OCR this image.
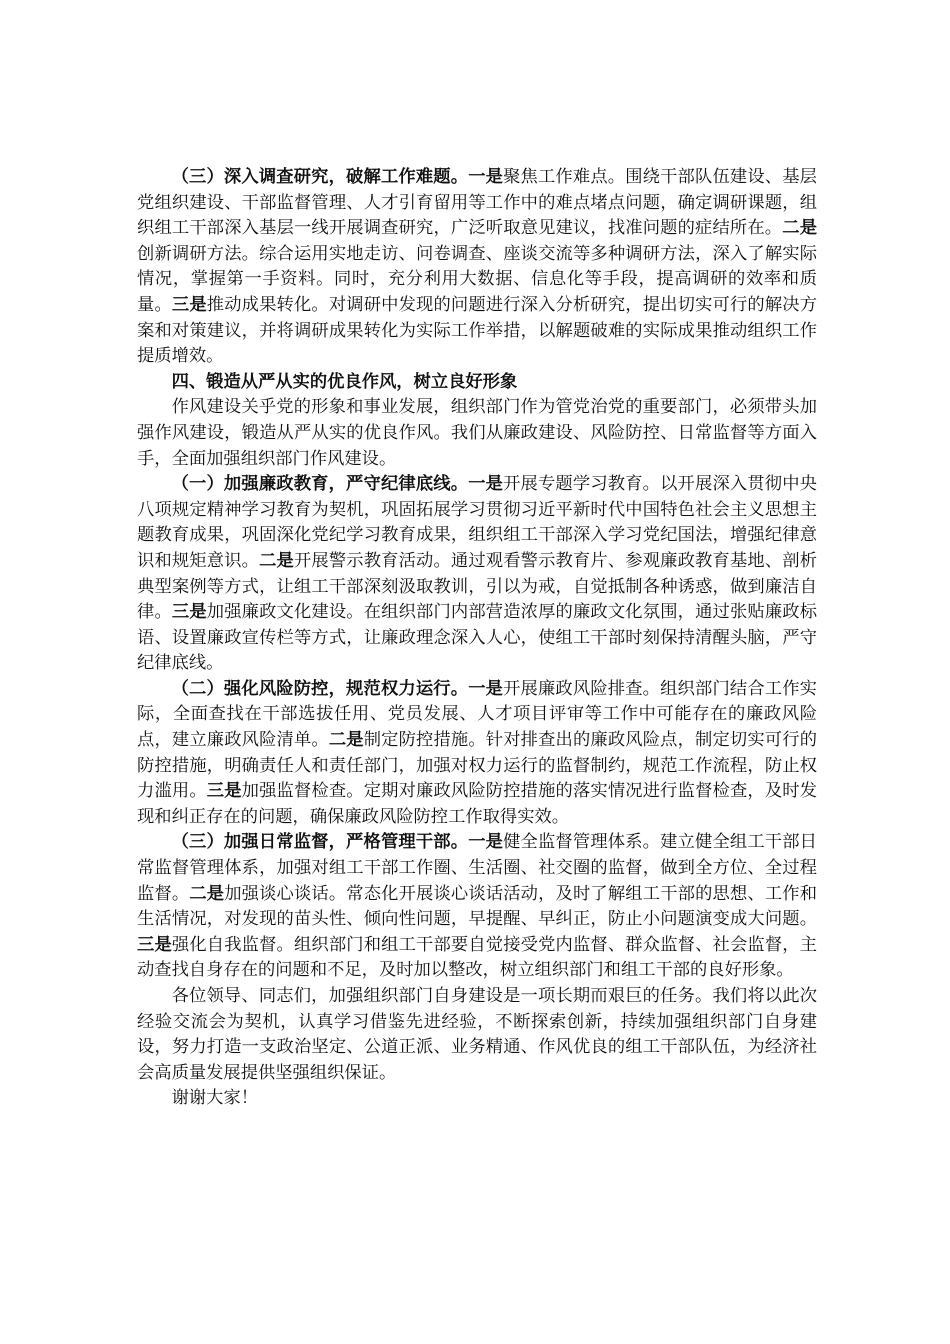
（三）深入调查研究，破解工作难题。一是聚焦工作难点。围绕干部队伍建设、基层党组织建设、干部监督管理、人才引育留用等工作中的难点堵点问题，确定调研课题，组织组工干部深入基层一线开展调查研究，广泛听取意见建议，找准问题的症结所在。二是创新调研方法。综合运用实地走访、问卷调查、座谈交流等多种调研方法，深入了解实际情况，掌握第一手资料。同时，充分利用大数据、信息化等手段，提高调研的效率和质量。三是推动成果转化。对调研中发现的问题进行深入分析研究，提出切实可行的解决方案和对策建议，并将调研成果转化为实际工作举措，以解题破难的实际成果推动组织工作提质增效。

四、锻造从严从实的优良作风，树立良好形象

作风建设关乎党的形象和事业发展，组织部门作为管党治党的重要部门，必须带头加强作风建设，锻造从严从实的优良作风。我们从廉政建设、风险防控、日常监督等方面入手，全面加强组织部门作风建设。

（一）加强廉政教育，严守纪律底线。一是开展专题学习教育。以开展深入贯彻中央八项规定精神学习教育为契机，巩固拓展学习贯彻习近平新时代中国特色社会主义思想主题教育成果，巩固深化党纪学习教育成果，组织组工干部深入学习党纪国法，增强纪律意识和规矩意识。二是开展警示教育活动。通过观看警示教育片、参观廉政教育基地、剖析典型案例等方式，让组工干部深刻汲取教训，引以为戒，自觉抵制各种诱惑，做到廉洁自律。三是加强廉政文化建设。在组织部门内部营造浓厚的廉政文化氛围，通过张贴廉政标语、设置廉政宣传栏等方式，让廉政理念深入人心，使组工干部时刻保持清醒头脑，严守纪律底线。

（二）强化风险防控，规范权力运行。一是开展廉政风险排查。组织部门结合工作实际，全面查找在干部选拔任用、党员发展、人才项目评审等工作中可能存在的廉政风险点，建立廉政风险清单。二是制定防控措施。针对排查出的廉政风险点，制定切实可行的防控措施，明确责任人和责任部门，加强对权力运行的监督制约，规范工作流程，防止权力滥用。三是加强监督检查。定期对廉政风险防控措施的落实情况进行监督检查，及时发现和纠正存在的问题，确保廉政风险防控工作取得实效。

（三）加强日常监督，严格管理干部。一是健全监督管理体系。建立健全组工干部日常监督管理体系，加强对组工干部工作圈、生活圈、社交圈的监督，做到全方位、全过程监督。二是加强谈心谈话。常态化开展谈心谈话活动，及时了解组工干部的思想、工作和生活情况，对发现的苗头性、倾向性问题，早提醒、早纠正，防止小问题演变成大问题。三是强化自我监督。组织部门和组工干部要自觉接受党内监督、群众监督、社会监督，主动查找自身存在的问题和不足，及时加以整改，树立组织部门和组工干部的良好形象。

各位领导、同志们，加强组织部门自身建设是一项长期而艰巨的任务。我们将以此次经验交流会为契机，认真学习借鉴先进经验，不断探索创新，持续加强组织部门自身建设，努力打造一支政治坚定、公道正派、业务精通、作风优良的组工干部队伍，为经济社会高质量发展提供坚强组织保证。

谢谢大家！
